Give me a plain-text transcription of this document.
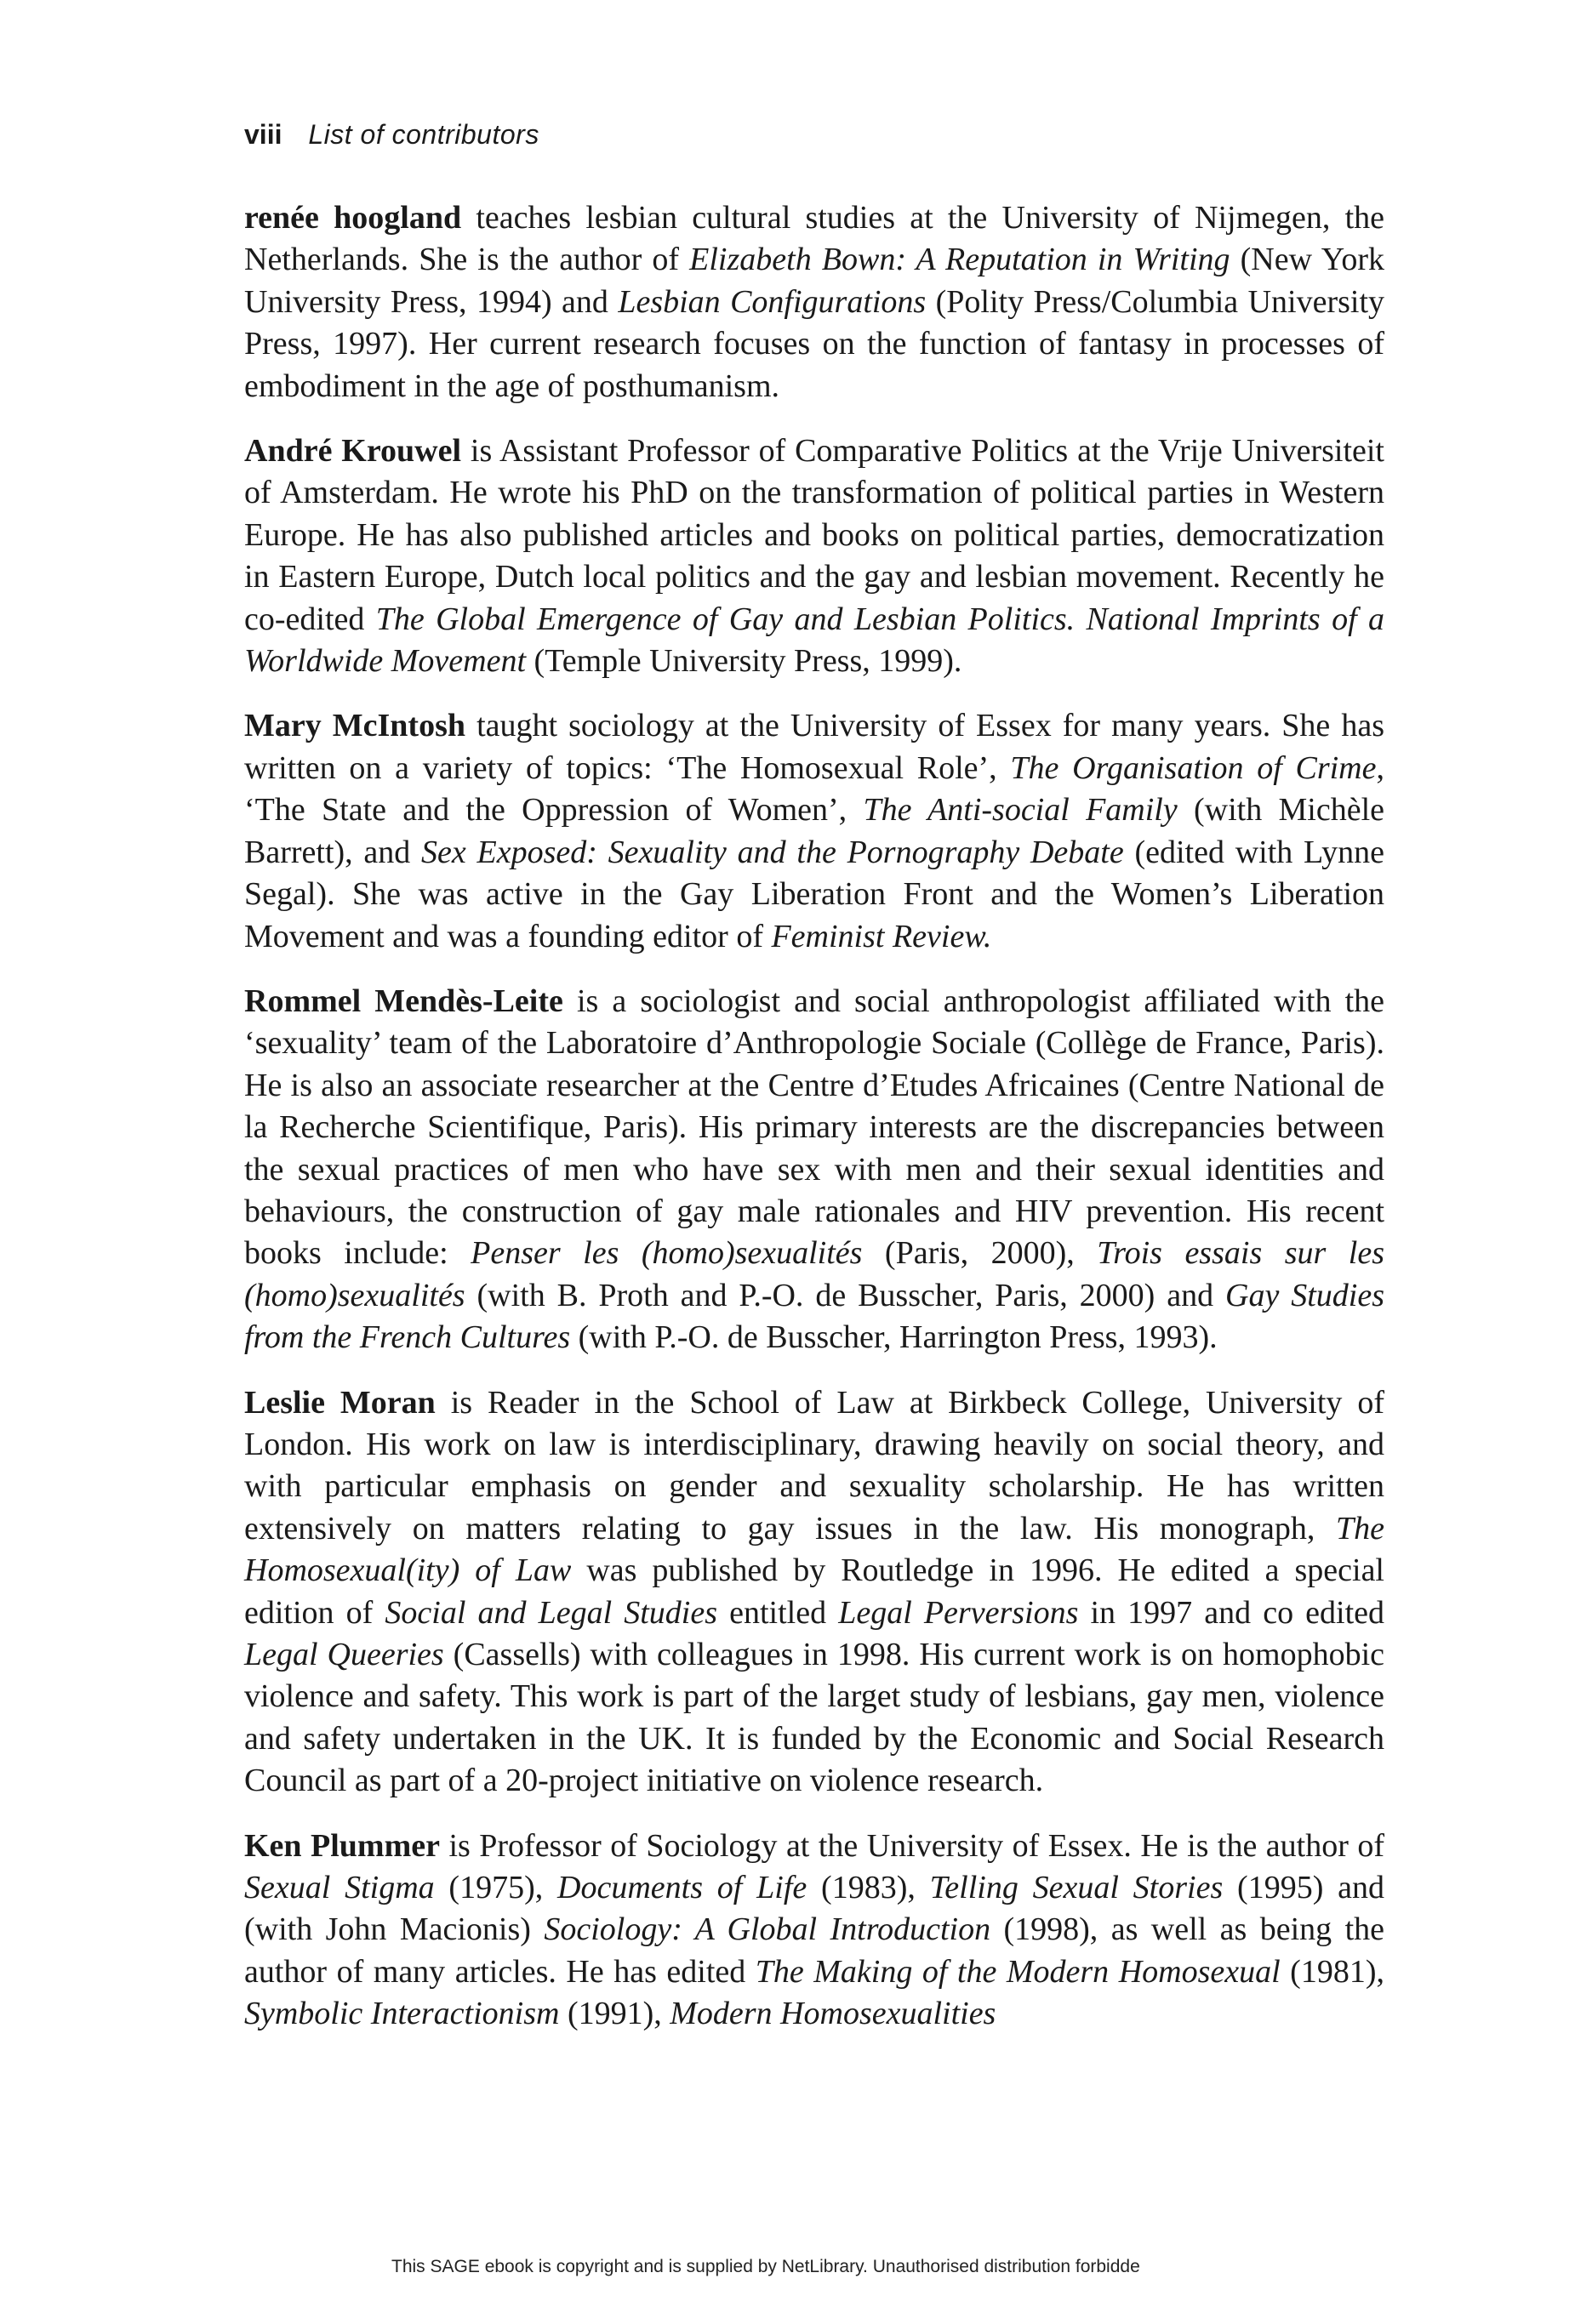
viii List of contributors

renée hoogland teaches lesbian cultural studies at the University of Nijmegen, the Netherlands. She is the author of Elizabeth Bown: A Reputation in Writing (New York University Press, 1994) and Lesbian Configurations (Polity Press/Columbia University Press, 1997). Her current research focuses on the function of fantasy in processes of embodiment in the age of posthumanism.

André Krouwel is Assistant Professor of Comparative Politics at the Vrije Universiteit of Amsterdam. He wrote his PhD on the transformation of political parties in Western Europe. He has also published articles and books on political parties, democratization in Eastern Europe, Dutch local politics and the gay and lesbian movement. Recently he co-edited The Global Emergence of Gay and Lesbian Politics. National Imprints of a Worldwide Movement (Temple University Press, 1999).

Mary McIntosh taught sociology at the University of Essex for many years. She has written on a variety of topics: ‘The Homosexual Role’, The Organisation of Crime, ‘The State and the Oppression of Women’, The Anti-social Family (with Michèle Barrett), and Sex Exposed: Sexuality and the Pornography Debate (edited with Lynne Segal). She was active in the Gay Liberation Front and the Women’s Liberation Movement and was a founding editor of Feminist Review.

Rommel Mendès-Leite is a sociologist and social anthropologist affiliated with the ‘sexuality’ team of the Laboratoire d’Anthropologie Sociale (Collège de France, Paris). He is also an associate researcher at the Centre d’Etudes Africaines (Centre National de la Recherche Scientifique, Paris). His primary interests are the discrepancies between the sexual practices of men who have sex with men and their sexual identities and behaviours, the construction of gay male rationales and HIV prevention. His recent books include: Penser les (homo)sexualités (Paris, 2000), Trois essais sur les (homo)sexualités (with B. Proth and P.-O. de Busscher, Paris, 2000) and Gay Studies from the French Cultures (with P.-O. de Busscher, Harrington Press, 1993).

Leslie Moran is Reader in the School of Law at Birkbeck College, University of London. His work on law is interdisciplinary, drawing heavily on social theory, and with particular emphasis on gender and sexuality scholarship. He has written extensively on matters relating to gay issues in the law. His monograph, The Homosexual(ity) of Law was published by Routledge in 1996. He edited a special edition of Social and Legal Studies entitled Legal Perversions in 1997 and co edited Legal Queeries (Cassells) with colleagues in 1998. His current work is on homophobic violence and safety. This work is part of the larget study of lesbians, gay men, violence and safety undertaken in the UK. It is funded by the Economic and Social Research Council as part of a 20-project initiative on violence research.

Ken Plummer is Professor of Sociology at the University of Essex. He is the author of Sexual Stigma (1975), Documents of Life (1983), Telling Sexual Stories (1995) and (with John Macionis) Sociology: A Global Introduction (1998), as well as being the author of many articles. He has edited The Making of the Modern Homosexual (1981), Symbolic Interactionism (1991), Modern Homosexualities

This SAGE ebook is copyright and is supplied by NetLibrary. Unauthorised distribution forbidde
